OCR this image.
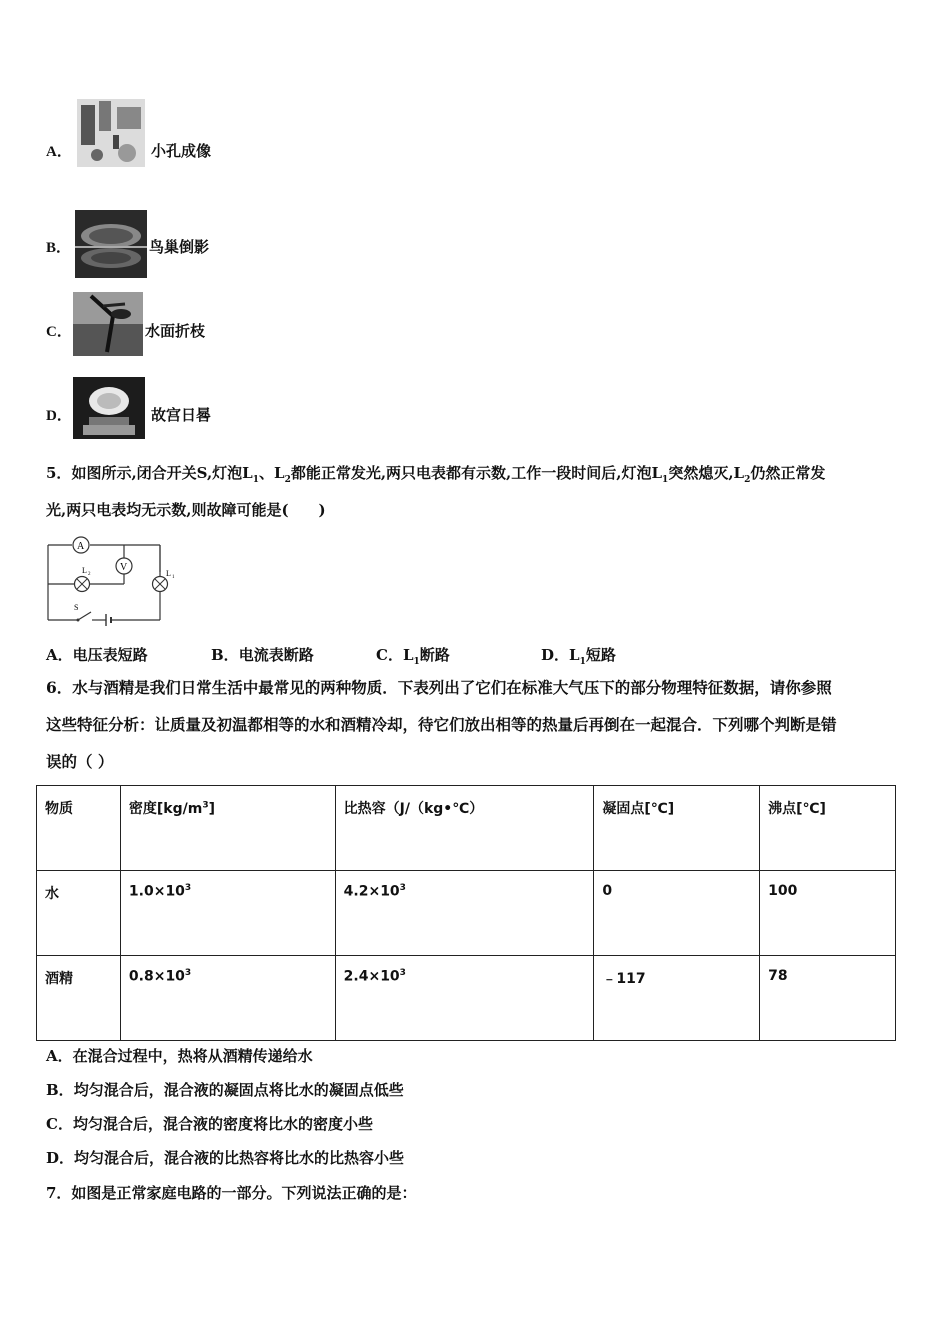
A．	小孔成像
B．	鸟巢倒影
C．	水面折枝
D．	故宫日晷
5．如图所示,闭合开关S,灯泡$L_1$、$L_2$都能正常发光,两只电表都有示数,工作一段时间后,灯泡$L_1$突然熄灭$,L_2$仍然正常发
光,两只电表均无示数,则故障可能是(　　)
A
L 2
V
L 1
S
A．电压表短路	B．电流表断路	C．$L_1$断路	D．$L_1$短路
6．水与酒精是我们日常生活中最常见的两种物质．下表列出了它们在标准大气压下的部分物理特征数据，请你参照
这些特征分析：让质量及初温都相等的水和酒精冷却，待它们放出相等的热量后再倒在一起混合．下列哪个判断是错
误的（ ）
物质	密度$[kg/m^3]$	比热容（J/（kg•℃）	凝固点[℃]	沸点[℃]
水	$1.0\times 10^3$	$4.2\times 10^3$	0	100
酒精	$0.8\times 10^3$	$2.4\times 10^3$	﹣117	78
A．在混合过程中，热将从酒精传递给水
B．均匀混合后，混合液的凝固点将比水的凝固点低些
C．均匀混合后，混合液的密度将比水的密度小些
D．均匀混合后，混合液的比热容将比水的比热容小些
7．如图是正常家庭电路的一部分。下列说法正确的是：
